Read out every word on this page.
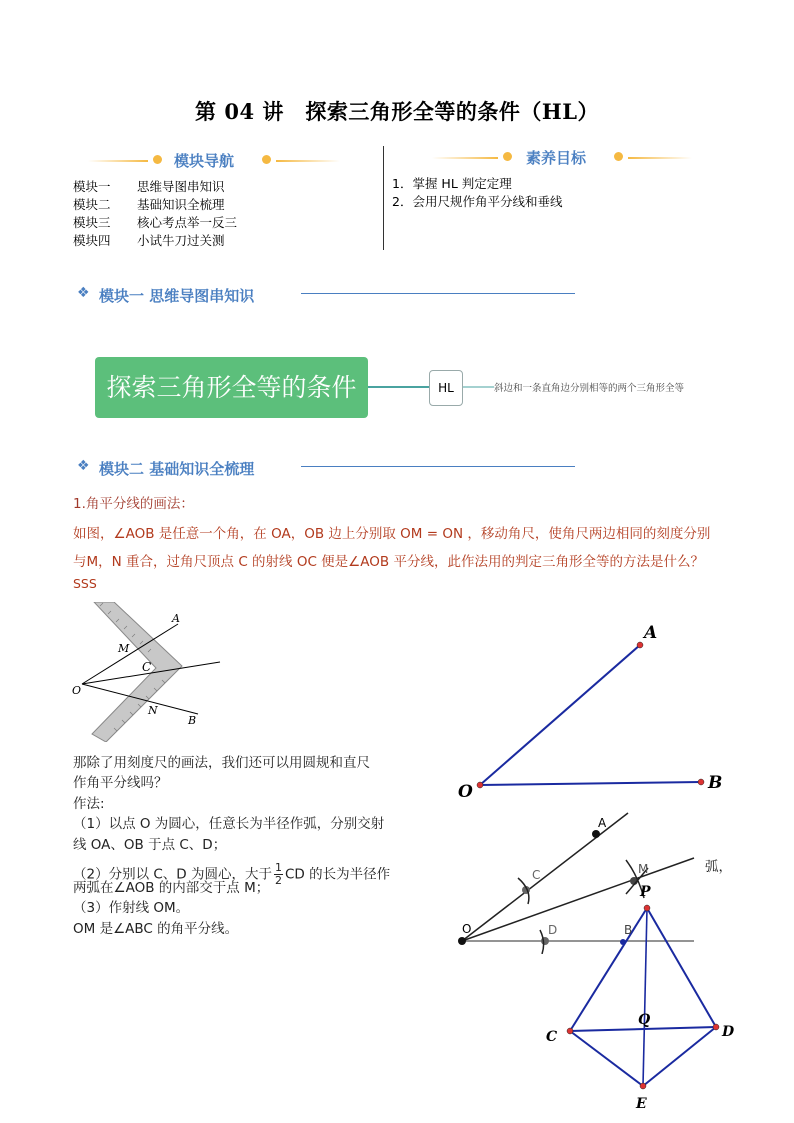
第 04 讲　探索三角形全等的条件（HL）
模块导航
模块一 思维导图串知识
模块二 基础知识全梳理
模块三 核心考点举一反三
模块四 小试牛刀过关测
素养目标
1．掌握 HL 判定定理
2．会用尺规作角平分线和垂线
❖ 模块一 思维导图串知识
探索三角形全等的条件	HL	斜边和一条直角边分别相等的两个三角形全等
❖ 模块二 基础知识全梳理
1.角平分线的画法：
如图，∠AOB 是任意一个角，在 OA，OB 边上分别取 OM = ON ，移动角尺，使角尺两边相同的刻度分别
与M，N 重合，过角尺顶点 C 的射线 OC 便是∠AOB 平分线，此作法用的判定三角形全等的方法是什么？
SSS
A
M
C
O
N
B
A
O	B
那除了用刻度尺的画法，我们还可以用圆规和直尺
作角平分线吗？
作法:
（1）以点 O 为圆心，任意长为半径作弧，分别交射
线 OA、OB 于点 C、D；
A
C	M
O	D
弧，
（2）分别以 C、D 为圆心，大于 $\frac{1}{2}$ CD 的长为半径作
两弧在∠AOB 的内部交于点 M；
（3）作射线 OM。
OM 是∠ABC 的角平分线。
P
B
Q
C	D
E
